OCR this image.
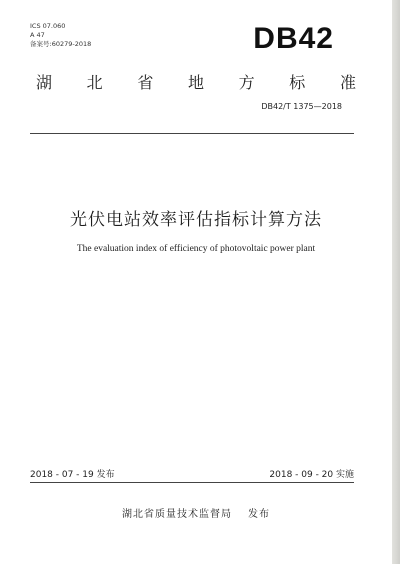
ICS 07.060
A 47
备案号:60279-2018	DB42
湖 北 省 地 方 标 准
DB42/T 1375—2018
光伏电站效率评估指标计算方法
The evaluation index of efficiency of photovoltaic power plant
2018 - 07 - 19 发布	2018 - 09 - 20 实施
湖北省质量技术监督局 发布
